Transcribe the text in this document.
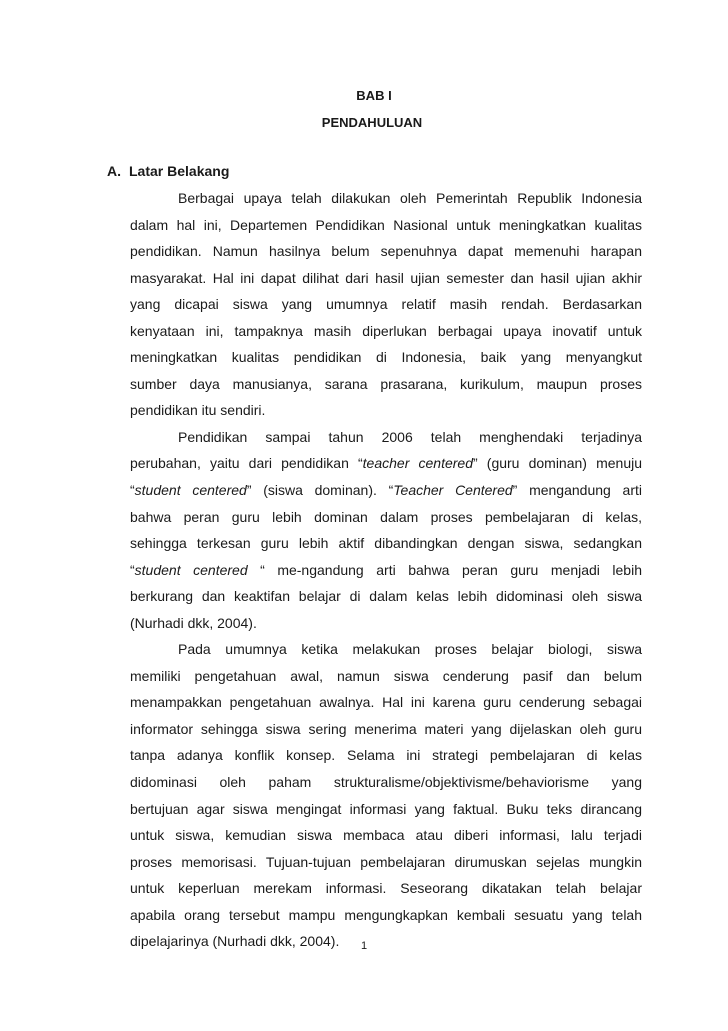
BAB I

PENDAHULUAN

A. Latar Belakang

Berbagai upaya telah dilakukan oleh Pemerintah Republik Indonesia
dalam hal ini, Departemen Pendidikan Nasional untuk meningkatkan kualitas
pendidikan. Namun hasilnya belum sepenuhnya dapat memenuhi harapan
masyarakat. Hal ini dapat dilihat dari hasil ujian semester dan hasil ujian akhir
yang dicapai siswa yang umumnya relatif masih rendah. Berdasarkan
kenyataan ini, tampaknya masih diperlukan berbagai upaya inovatif untuk
meningkatkan kualitas pendidikan di Indonesia, baik yang menyangkut
sumber daya manusianya, sarana prasarana, kurikulum, maupun proses
pendidikan itu sendiri.
Pendidikan sampai tahun 2006 telah menghendaki terjadinya
perubahan, yaitu dari pendidikan “teacher centered” (guru dominan) menuju
“student centered” (siswa dominan). “Teacher Centered” mengandung arti
bahwa peran guru lebih dominan dalam proses pembelajaran di kelas,
sehingga terkesan guru lebih aktif dibandingkan dengan siswa, sedangkan
“student centered “ me-ngandung arti bahwa peran guru menjadi lebih
berkurang dan keaktifan belajar di dalam kelas lebih didominasi oleh siswa
(Nurhadi dkk, 2004).
Pada umumnya ketika melakukan proses belajar biologi, siswa
memiliki pengetahuan awal, namun siswa cenderung pasif dan belum
menampakkan pengetahuan awalnya. Hal ini karena guru cenderung sebagai
informator sehingga siswa sering menerima materi yang dijelaskan oleh guru
tanpa adanya konflik konsep. Selama ini strategi pembelajaran di kelas
didominasi oleh paham strukturalisme/objektivisme/behaviorisme yang
bertujuan agar siswa mengingat informasi yang faktual. Buku teks dirancang
untuk siswa, kemudian siswa membaca atau diberi informasi, lalu terjadi
proses memorisasi. Tujuan-tujuan pembelajaran dirumuskan sejelas mungkin
untuk keperluan merekam informasi. Seseorang dikatakan telah belajar
apabila orang tersebut mampu mengungkapkan kembali sesuatu yang telah
dipelajarinya (Nurhadi dkk, 2004).	1
